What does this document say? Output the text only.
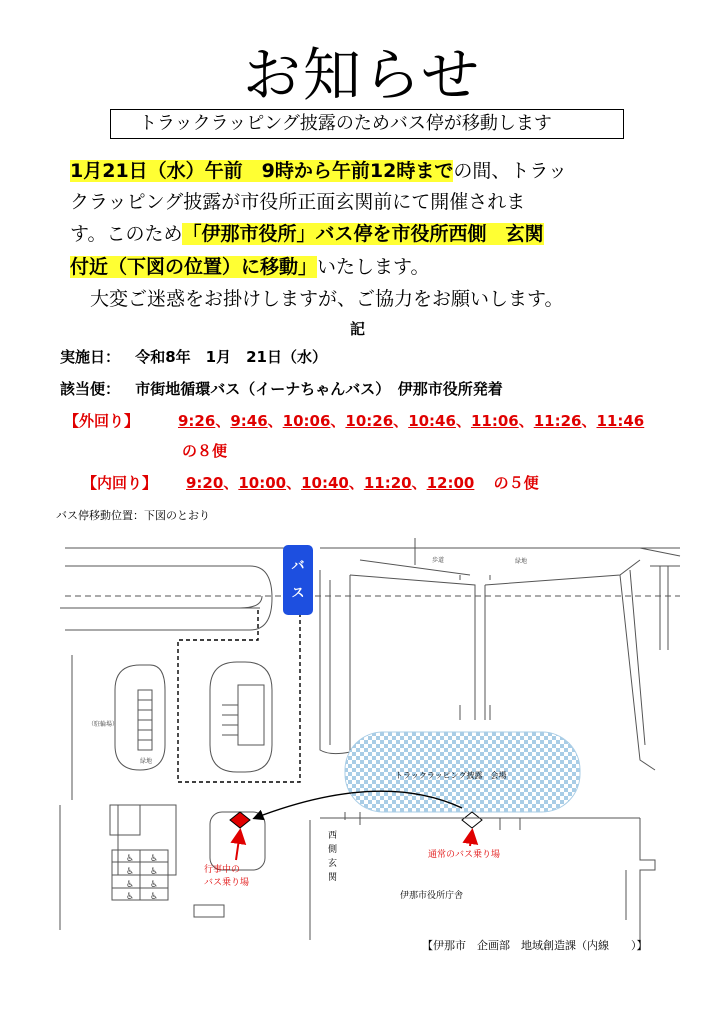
お知らせ
トラックラッピング披露のためバス停が移動します
1月21日（水）午前　9時から午前12時までの間、トラッ
クラッピング披露が市役所正面玄関前にて開催されま
す。このため「伊那市役所」バス停を市役所西側　玄関
付近（下図の位置）に移動」いたします。
大変ご迷惑をお掛けしますが、ご協力をお願いします。
記
実施日： 令和8年　1月　21日（水）
該当便： 市街地循環バス（イーナちゃんバス）　伊那市役所発着
【外回り】	9:26、9:46、10:06、10:26、10:46、11:06、11:26、11:46
の８便
【内回り】 9:20、10:00、10:40、11:20、12:00 の５便
バス停移動位置：下図のとおり
トラックラッピング披露　会場
♿ ♿
♿ ♿
♿ ♿
♿ ♿
（駐輪場）
緑地
緑地
歩道
バ
ス
行事中の
バス乗り場
通常のバス乗り場
西
側
玄
関
伊那市役所庁舎
【伊那市　企画部　地域創造課（内線　　）】
